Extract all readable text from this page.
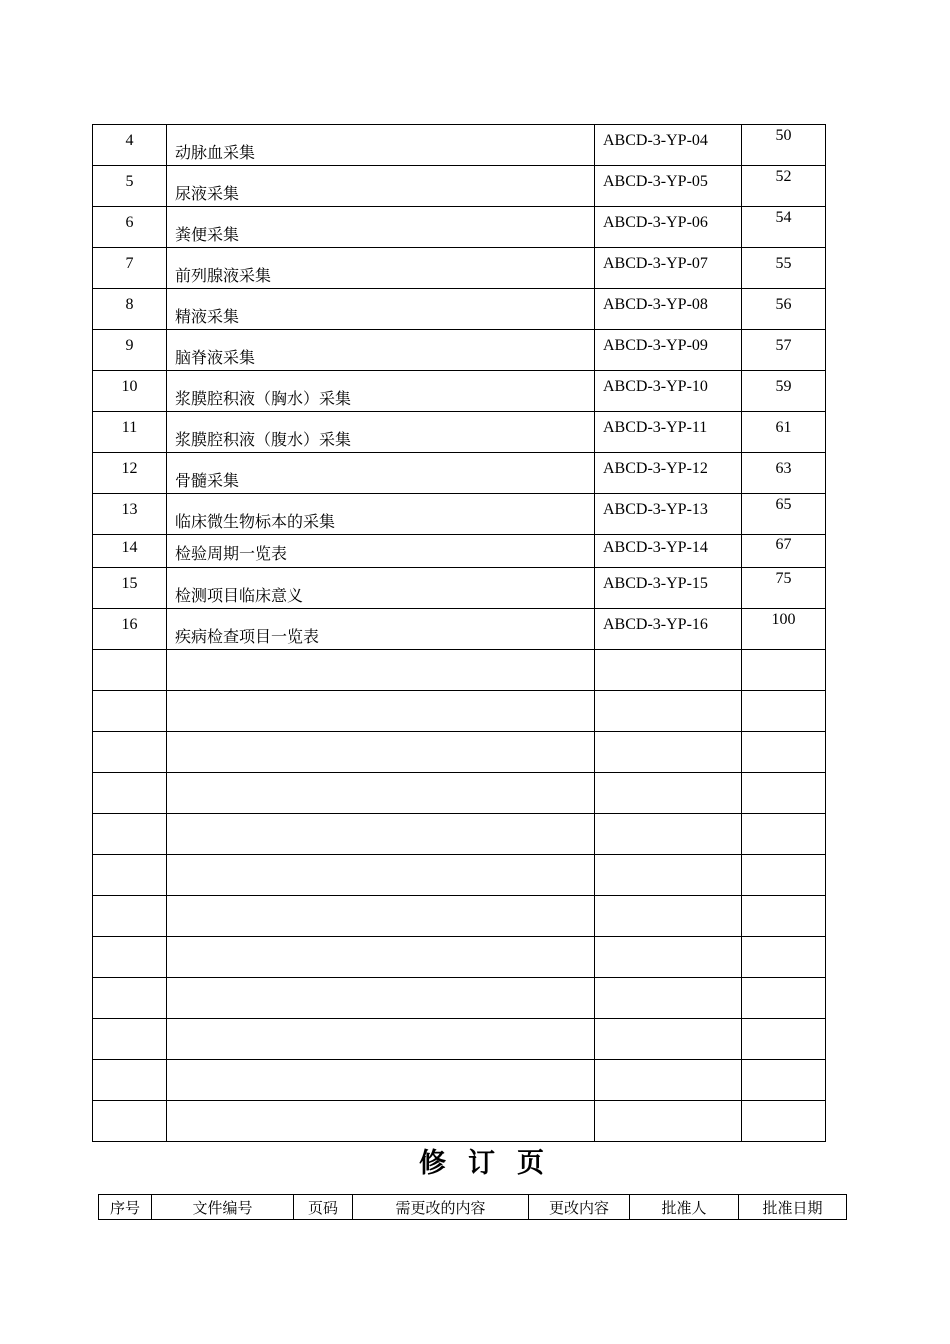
4	动脉血采集	ABCD-3-YP-04	50
5	尿液采集	ABCD-3-YP-05	52
6	粪便采集	ABCD-3-YP-06	54
7	前列腺液采集	ABCD-3-YP-07	55
8	精液采集	ABCD-3-YP-08	56
9	脑脊液采集	ABCD-3-YP-09	57
10	浆膜腔积液（胸水）采集	ABCD-3-YP-10	59
11	浆膜腔积液（腹水）采集	ABCD-3-YP-11	61
12	骨髓采集	ABCD-3-YP-12	63
13	临床微生物标本的采集	ABCD-3-YP-13	65
14	检验周期一览表	ABCD-3-YP-14	67
15	检测项目临床意义	ABCD-3-YP-15	75
16	疾病检查项目一览表	ABCD-3-YP-16	100

修订页
序号	文件编号	页码	需更改的内容	更改内容	批准人	批准日期
